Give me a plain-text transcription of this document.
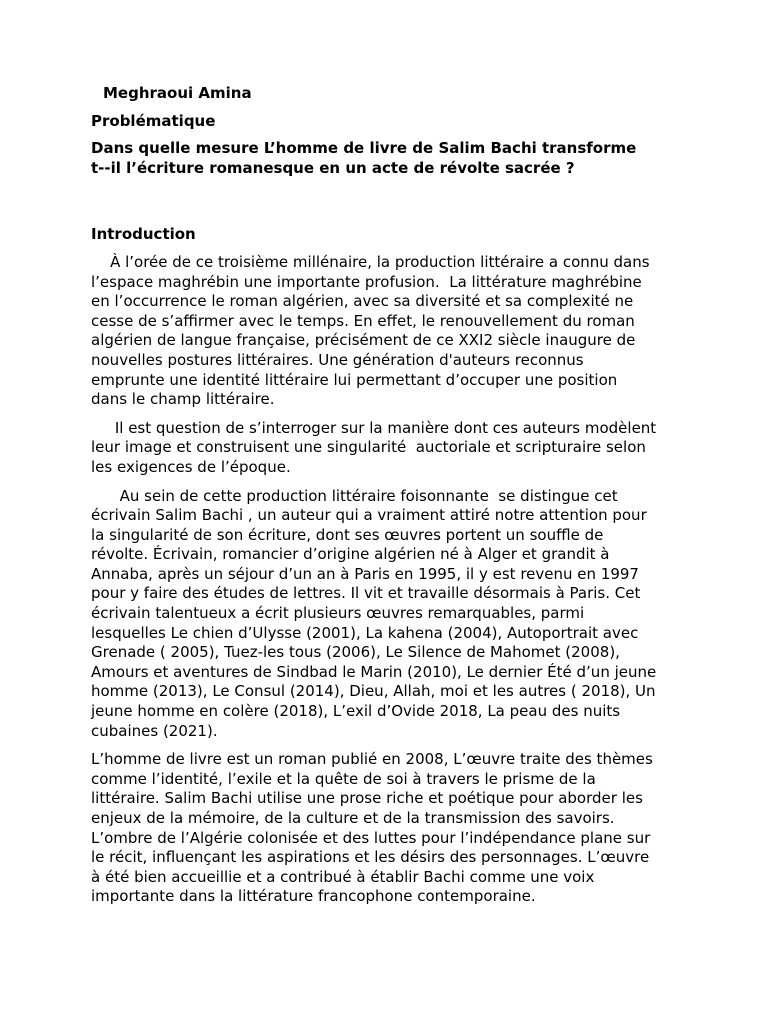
Meghraoui Amina
Problématique
Dans quelle mesure L’homme de livre de Salim Bachi transforme
t--il l’écriture romanesque en un acte de révolte sacrée ?
Introduction
À l’orée de ce troisième millénaire, la production littéraire a connu dans
l’espace maghrébin une importante profusion.  La littérature maghrébine
en l’occurrence le roman algérien, avec sa diversité et sa complexité ne
cesse de s’affirmer avec le temps. En effet, le renouvellement du roman
algérien de langue française, précisément de ce XXI2 siècle inaugure de
nouvelles postures littéraires. Une génération d'auteurs reconnus
emprunte une identité littéraire lui permettant d’occuper une position
dans le champ littéraire.
Il est question de s’interroger sur la manière dont ces auteurs modèlent
leur image et construisent une singularité  auctoriale et scripturaire selon
les exigences de l’époque.
Au sein de cette production littéraire foisonnante  se distingue cet
écrivain Salim Bachi , un auteur qui a vraiment attiré notre attention pour
la singularité de son écriture, dont ses œuvres portent un souffle de
révolte. Écrivain, romancier d’origine algérien né à Alger et grandit à
Annaba, après un séjour d’un an à Paris en 1995, il y est revenu en 1997
pour y faire des études de lettres. Il vit et travaille désormais à Paris. Cet
écrivain talentueux a écrit plusieurs œuvres remarquables, parmi
lesquelles Le chien d’Ulysse (2001), La kahena (2004), Autoportrait avec
Grenade ( 2005), Tuez-les tous (2006), Le Silence de Mahomet (2008),
Amours et aventures de Sindbad le Marin (2010), Le dernier Été d’un jeune
homme (2013), Le Consul (2014), Dieu, Allah, moi et les autres ( 2018), Un
jeune homme en colère (2018), L’exil d’Ovide 2018, La peau des nuits
cubaines (2021).
L’homme de livre est un roman publié en 2008, L’œuvre traite des thèmes
comme l’identité, l’exile et la quête de soi à travers le prisme de la
littéraire. Salim Bachi utilise une prose riche et poétique pour aborder les
enjeux de la mémoire, de la culture et de la transmission des savoirs.
L’ombre de l’Algérie colonisée et des luttes pour l’indépendance plane sur
le récit, influençant les aspirations et les désirs des personnages. L’œuvre
à été bien accueillie et a contribué à établir Bachi comme une voix
importante dans la littérature francophone contemporaine.
